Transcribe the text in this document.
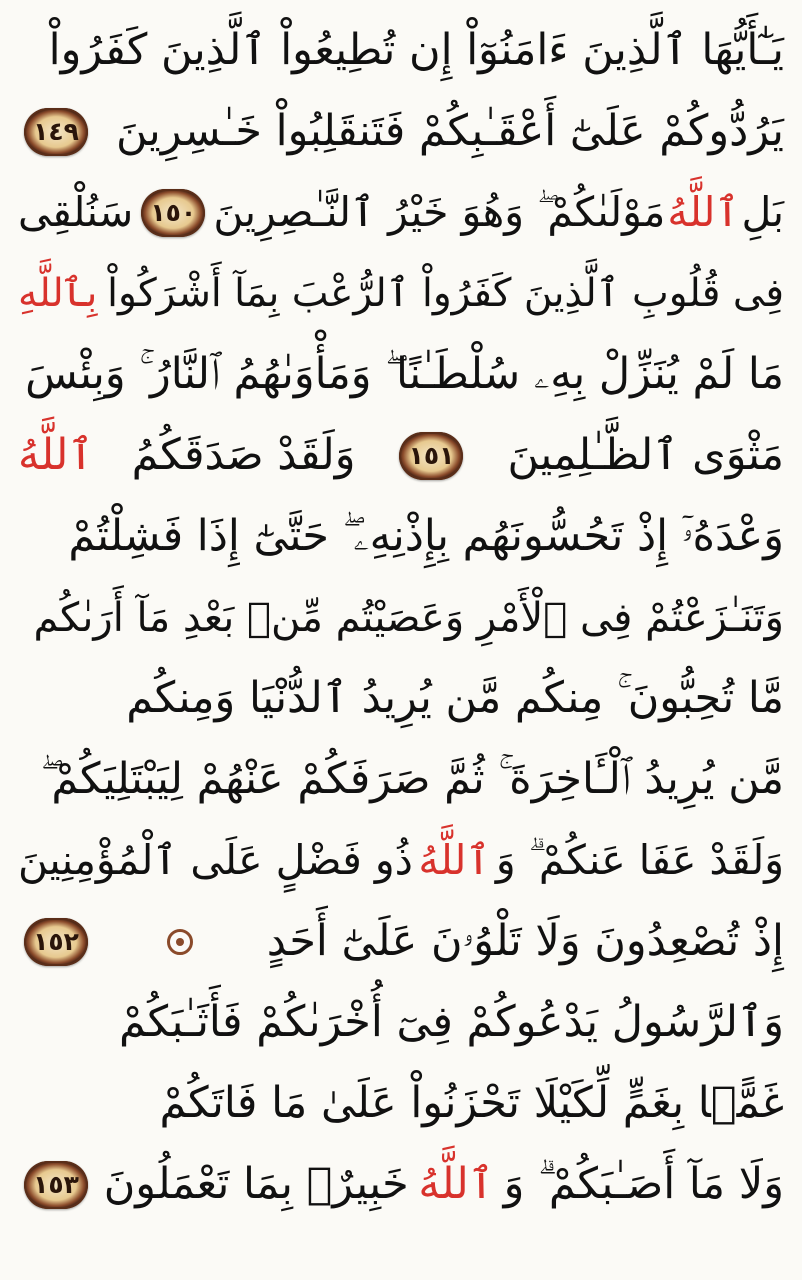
يَـٰٓأَيُّهَا ٱلَّذِينَ ءَامَنُوٓاْ إِن تُطِيعُواْ ٱلَّذِينَ كَفَرُواْ
يَرُدُّوكُمْ عَلَىٰٓ أَعْقَـٰبِكُمْ فَتَنقَلِبُواْ خَـٰسِرِينَ
١٤٩
بَلِ
ٱللَّهُ
مَوْلَىٰكُمْ ۖ وَهُوَ خَيْرُ ٱلنَّـٰصِرِينَ
١٥٠
سَنُلْقِى
فِى قُلُوبِ ٱلَّذِينَ كَفَرُواْ ٱلرُّعْبَ بِمَآ أَشْرَكُواْ
بِٱللَّهِ
مَا لَمْ يُنَزِّلْ بِهِۦ سُلْطَـٰنًا ۖ وَمَأْوَىٰهُمُ ٱلنَّارُ ۚ وَبِئْسَ
مَثْوَى ٱلظَّـٰلِمِينَ
١٥١
وَلَقَدْ صَدَقَكُمُ
ٱللَّهُ
وَعْدَهُۥٓ إِذْ تَحُسُّونَهُم بِإِذْنِهِۦ ۖ حَتَّىٰٓ إِذَا فَشِلْتُمْ
وَتَنَـٰزَعْتُمْ فِى ٱلْأَمْرِ وَعَصَيْتُم مِّنۢ بَعْدِ مَآ أَرَىٰكُم
مَّا تُحِبُّونَ ۚ مِنكُم مَّن يُرِيدُ ٱلدُّنْيَا وَمِنكُم
مَّن يُرِيدُ ٱلْـَٔاخِرَةَ ۚ ثُمَّ صَرَفَكُمْ عَنْهُمْ لِيَبْتَلِيَكُمْ ۖ
وَلَقَدْ عَفَا عَنكُمْ ۗ وَ
ٱللَّهُ
ذُو فَضْلٍ عَلَى ٱلْمُؤْمِنِينَ
إِذْ تُصْعِدُونَ وَلَا تَلْوُۥنَ عَلَىٰٓ أَحَدٍ
١٥٢
وَٱلرَّسُولُ يَدْعُوكُمْ فِىٓ أُخْرَىٰكُمْ فَأَثَـٰبَكُمْ
غَمًّۢا بِغَمٍّ لِّكَيْلَا تَحْزَنُواْ عَلَىٰ مَا فَاتَكُمْ
وَلَا مَآ أَصَـٰبَكُمْ ۗ وَ
ٱللَّهُ
خَبِيرٌۢ بِمَا تَعْمَلُونَ
١٥٣
